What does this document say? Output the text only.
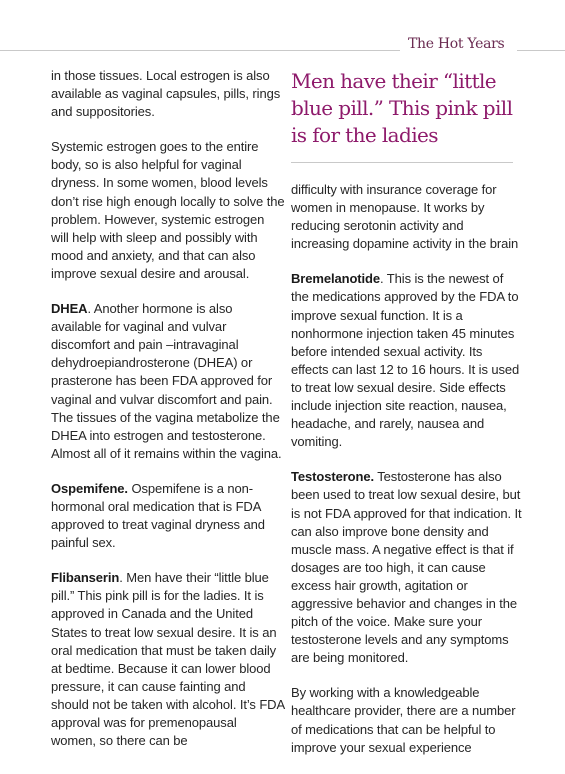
The Hot Years

in those tissues. Local estrogen is also available as vaginal capsules, pills, rings and suppositories.

Systemic estrogen goes to the entire body, so is also helpful for vaginal dryness. In some women, blood levels don’t rise high enough locally to solve the problem. However, systemic estrogen will help with sleep and possibly with mood and anxiety, and that can also improve sexual desire and arousal.

DHEA. Another hormone is also available for vaginal and vulvar discomfort and pain –intravaginal dehydroepiandrosterone (DHEA) or prasterone has been FDA approved for vaginal and vulvar discomfort and pain. The tissues of the vagina metabolize the DHEA into estrogen and testosterone. Almost all of it remains within the vagina.

Ospemifene. Ospemifene is a non-hormonal oral medication that is FDA approved to treat vaginal dryness and painful sex.

Flibanserin. Men have their “little blue pill.” This pink pill is for the ladies. It is approved in Canada and the United States to treat low sexual desire. It is an oral medication that must be taken daily at bedtime. Because it can lower blood pressure, it can cause fainting and should not be taken with alcohol. It’s FDA approval was for premenopausal women, so there can be

Men have their “little blue pill.” This pink pill is for the ladies

difficulty with insurance coverage for women in menopause. It works by reducing serotonin activity and increasing dopamine activity in the brain

Bremelanotide. This is the newest of the medications approved by the FDA to improve sexual function. It is a nonhormone injection taken 45 minutes before intended sexual activity. Its effects can last 12 to 16 hours. It is used to treat low sexual desire. Side effects include injection site reaction, nausea, headache, and rarely, nausea and vomiting.

Testosterone. Testosterone has also been used to treat low sexual desire, but is not FDA approved for that indication. It can also improve bone density and muscle mass. A negative effect is that if dosages are too high, it can cause excess hair growth, agitation or aggressive behavior and changes in the pitch of the voice. Make sure your testosterone levels and any symptoms are being monitored.

By working with a knowledgeable healthcare provider, there are a number of medications that can be helpful to improve your sexual experience
